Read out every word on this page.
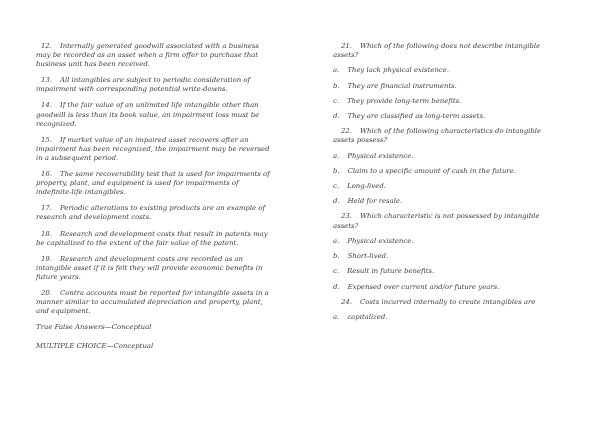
12. Internally generated goodwill associated with a business may be recorded as an asset when a firm offer to purchase that business unit has been received.

13. All intangibles are subject to periodic consideration of impairment with corresponding potential write-downs.

14. If the fair value of an unlimited life intangible other than goodwill is less than its book value, an impairment loss must be recognized.

15. If market value of an impaired asset recovers after an impairment has been recognized, the impairment may be reversed in a subsequent period.

16. The same recoverability test that is used for impairments of property, plant, and equipment is used for impairments of indefinite-life intangibles.

17. Periodic alterations to existing products are an example of research and development costs.

18. Research and development costs that result in patents may be capitalized to the extent of the fair value of the patent.

19. Research and development costs are recorded as an intangible asset if it is felt they will provide economic benefits in future years.

20. Contra accounts must be reported for intangible assets in a manner similar to accumulated depreciation and property, plant, and equipment.

True False Answers—Conceptual

MULTIPLE CHOICE—Conceptual

21. Which of the following does not describe intangible assets?

a. They lack physical existence.

b. They are financial instruments.

c. They provide long-term benefits.

d. They are classified as long-term assets.

22. Which of the following characteristics do intangible assets possess?

a. Physical existence.

b. Claim to a specific amount of cash in the future.

c. Long-lived.

d. Held for resale.

23. Which characteristic is not possessed by intangible assets?

a. Physical existence.

b. Short-lived.

c. Result in future benefits.

d. Expensed over current and/or future years.

24. Costs incurred internally to create intangibles are

a. capitalized.
